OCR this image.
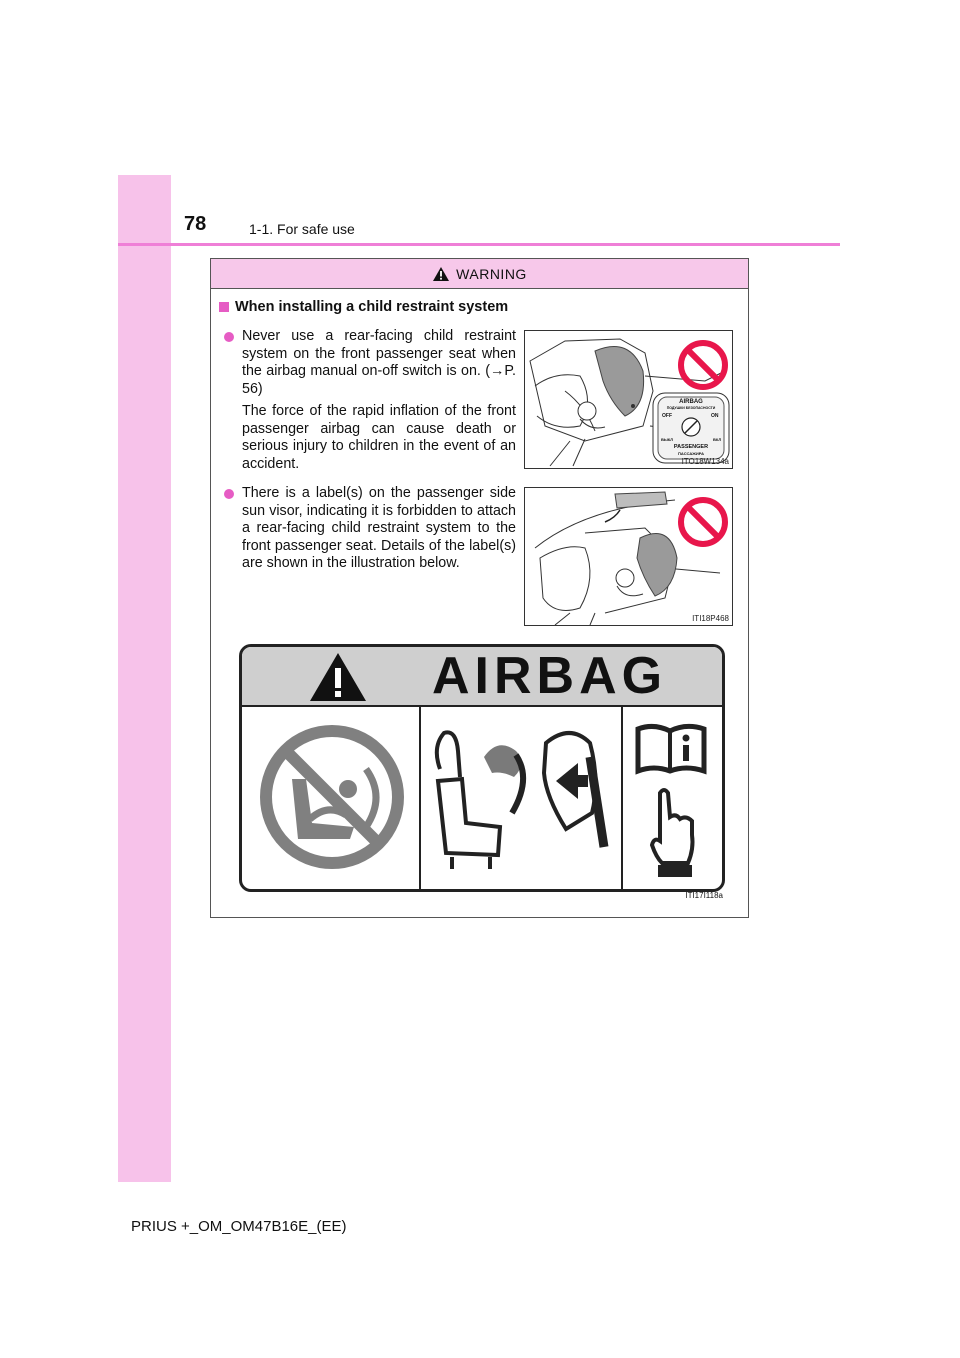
78	1-1. For safe use
WARNING
When installing a child restraint system

Never use a rear-facing child restraint system on the front passenger seat when the airbag manual on-off switch is on. (→P. 56)

The force of the rapid inflation of the front passenger airbag can cause death or serious injury to children in the event of an accident.

AIRBAG
ПОДУШКИ БЕЗОПАСНОСТИ
OFF	ON
ВЫКЛ	ВКЛ
PASSENGER
ПАССАЖИРА
ITO18W134a

There is a label(s) on the passenger side sun visor, indicating it is forbidden to attach a rear-facing child restraint system to the front passenger seat. Details of the label(s) are shown in the illustration below.

ITI18P468
AIRBAG
ITI17I118a
PRIUS +_OM_OM47B16E_(EE)
